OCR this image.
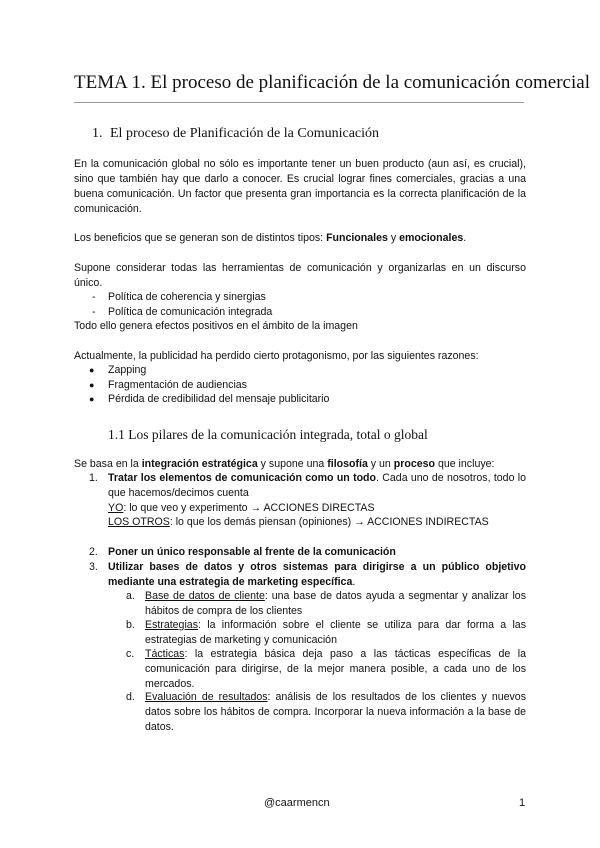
TEMA 1. El proceso de planificación de la comunicación comercial
1. El proceso de Planificación de la Comunicación
En la comunicación global no sólo es importante tener un buen producto (aun así, es crucial), sino que también hay que darlo a conocer. Es crucial lograr fines comerciales, gracias a una buena comunicación. Un factor que presenta gran importancia es la correcta planificación de la comunicación.
Los beneficios que se generan son de distintos tipos: Funcionales y emocionales.
Supone considerar todas las herramientas de comunicación y organizarlas en un discurso único.
- Política de coherencia y sinergias
- Política de comunicación integrada
Todo ello genera efectos positivos en el ámbito de la imagen
Actualmente, la publicidad ha perdido cierto protagonismo, por las siguientes razones:
● Zapping
● Fragmentación de audiencias
● Pérdida de credibilidad del mensaje publicitario
1.1 Los pilares de la comunicación integrada, total o global
Se basa en la integración estratégica y supone una filosofía y un proceso que incluye:
1. Tratar los elementos de comunicación como un todo. Cada uno de nosotros, todo lo que hacemos/decimos cuenta
YO: lo que veo y experimento → ACCIONES DIRECTAS
LOS OTROS: lo que los demás piensan (opiniones) → ACCIONES INDIRECTAS
2. Poner un único responsable al frente de la comunicación
3. Utilizar bases de datos y otros sistemas para dirigirse a un público objetivo mediante una estrategia de marketing específica.
a. Base de datos de cliente: una base de datos ayuda a segmentar y analizar los hábitos de compra de los clientes
b. Estrategias: la información sobre el cliente se utiliza para dar forma a las estrategias de marketing y comunicación
c. Tácticas: la estrategia básica deja paso a las tácticas específicas de la comunicación para dirigirse, de la mejor manera posible, a cada uno de los mercados.
d. Evaluación de resultados: análisis de los resultados de los clientes y nuevos datos sobre los hábitos de compra. Incorporar la nueva información a la base de datos.
@caarmencn	1
